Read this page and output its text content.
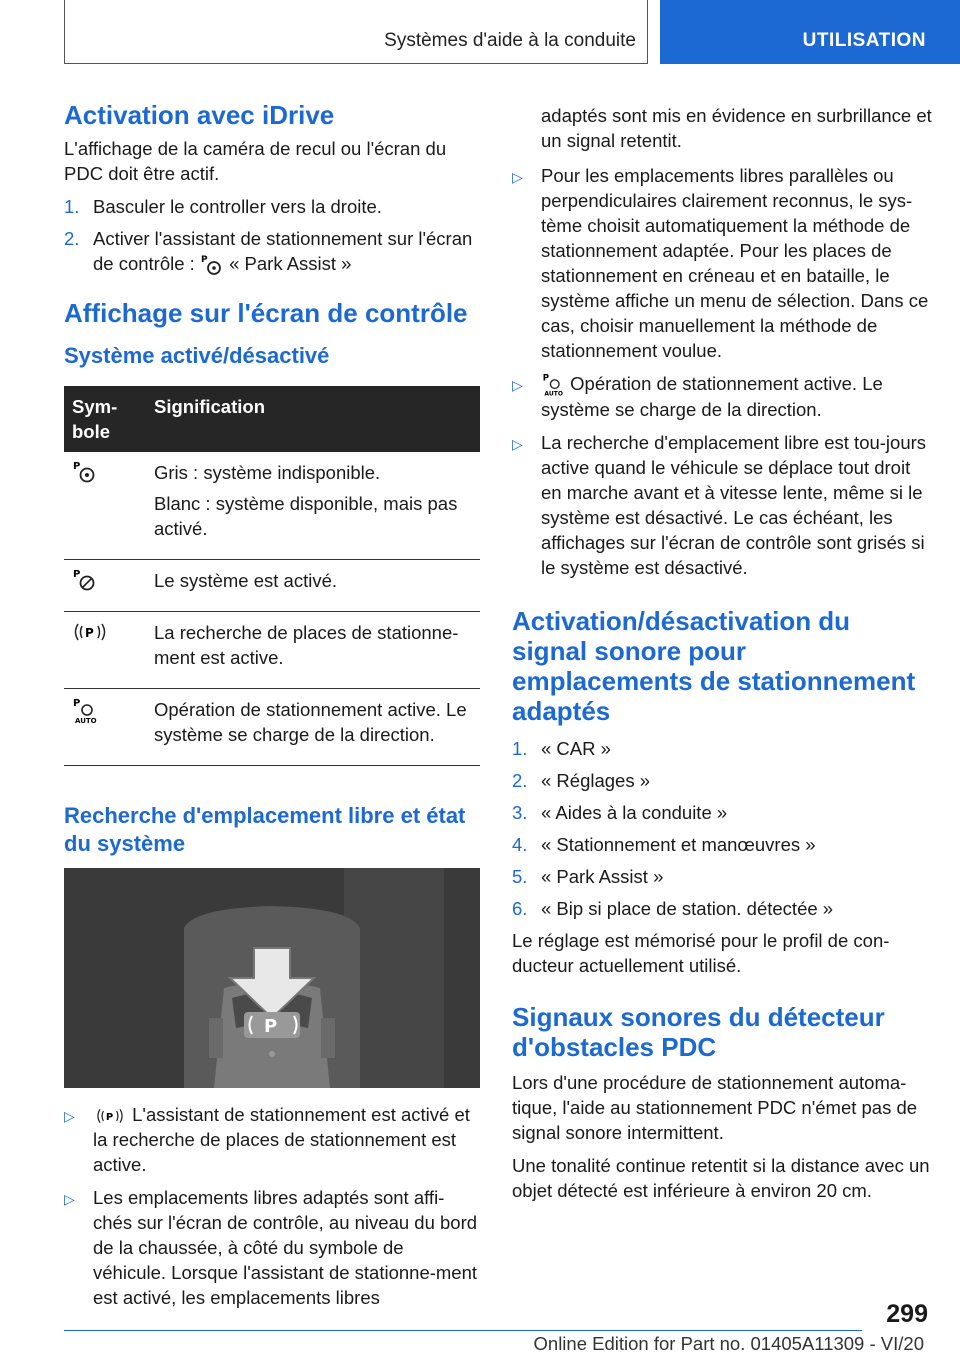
Systèmes d'aide à la conduite	UTILISATION
Activation avec iDrive

L'affichage de la caméra de recul ou l'écran du PDC doit être actif.

1. Basculer le controller vers la droite.
2. Activer l'assistant de stationnement sur l'écran de contrôle : P « Park Assist »
Affichage sur l'écran de contrôle
Système activé/désactivé
Sym-bole	Signification

P	Gris : système indisponible.

Blanc : système disponible, mais pas activé.

P	Le système est activé.

P	La recherche de places de stationne-ment est active.

P
AUTO	Opération de stationnement active. Le système se charge de la direction.

Recherche d'emplacement libre et état du système
P
▷	P L'assistant de stationnement est activé et la recherche de places de stationnement est active.
▷ Les emplacements libres adaptés sont affi-chés sur l'écran de contrôle, au niveau du bord de la chaussée, à côté du symbole de véhicule. Lorsque l'assistant de stationne-ment est activé, les emplacements libres

adaptés sont mis en évidence en surbrillance et un signal retentit.

▷ Pour les emplacements libres parallèles ou perpendiculaires clairement reconnus, le sys-tème choisit automatiquement la méthode de stationnement adaptée. Pour les places de stationnement en créneau et en bataille, le système affiche un menu de sélection. Dans ce cas, choisir manuellement la méthode de stationnement voulue.
▷	P
AUTO Opération de stationnement active. Le système se charge de la direction.
▷ La recherche d'emplacement libre est tou-jours active quand le véhicule se déplace tout droit en marche avant et à vitesse lente, même si le système est désactivé. Le cas échéant, les affichages sur l'écran de contrôle sont grisés si le système est désactivé.
Activation/désactivation du signal sonore pour emplacements de stationnement adaptés
1. « CAR »
2. « Réglages »
3. « Aides à la conduite »
4. « Stationnement et manœuvres »
5. « Park Assist »
6. « Bip si place de station. détectée »

Le réglage est mémorisé pour le profil de con-ducteur actuellement utilisé.

Signaux sonores du détecteur d'obstacles PDC

Lors d'une procédure de stationnement automa-tique, l'aide au stationnement PDC n'émet pas de signal sonore intermittent.

Une tonalité continue retentit si la distance avec un objet détecté est inférieure à environ 20 cm.

299
Online Edition for Part no. 01405A11309 - VI/20
